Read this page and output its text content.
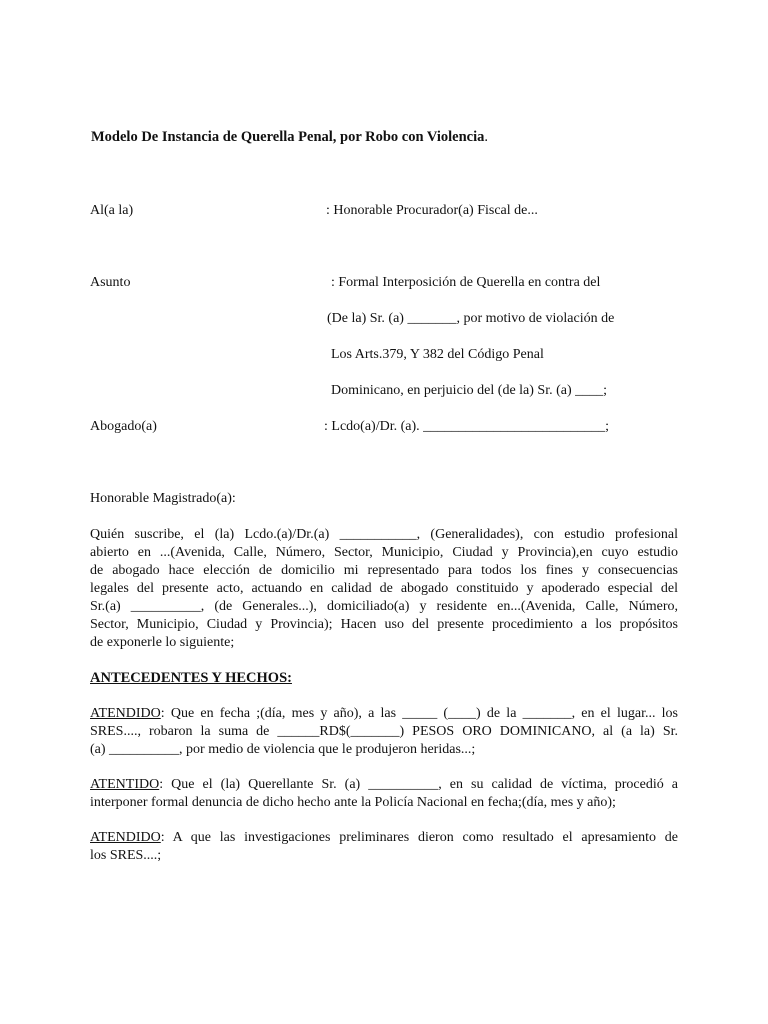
Modelo De Instancia de Querella Penal, por Robo con Violencia.
Al(a la)	: Honorable Procurador(a) Fiscal de...
Asunto	: Formal Interposición de Querella en contra del
(De la) Sr. (a) _______, por motivo de violación de
Los Arts.379, Y 382 del Código Penal
Dominicano, en perjuicio del (de la) Sr. (a) ____;
Abogado(a)	: Lcdo(a)/Dr. (a). __________________________;
Honorable Magistrado(a):
Quién suscribe, el (la) Lcdo.(a)/Dr.(a) ___________, (Generalidades), con estudio profesional
abierto en ...(Avenida, Calle, Número, Sector, Municipio, Ciudad y Provincia),en cuyo estudio
de abogado hace elección de domicilio mi representado para todos los fines y consecuencias
legales del presente acto, actuando en calidad de abogado constituido y apoderado especial del
Sr.(a) __________, (de Generales...), domiciliado(a) y residente en...(Avenida, Calle, Número,
Sector, Municipio, Ciudad y Provincia); Hacen uso del presente procedimiento a los propósitos
de exponerle lo siguiente;
ANTECEDENTES Y HECHOS:
ATENDIDO: Que en fecha ;(día, mes y año), a las _____ (____) de la _______, en el lugar... los
SRES...., robaron la suma de ______RD$(_______) PESOS ORO DOMINICANO, al (a la) Sr.
(a) __________, por medio de violencia que le produjeron heridas...;
ATENTIDO: Que el (la) Querellante Sr. (a) __________, en su calidad de víctima, procedió a
interponer formal denuncia de dicho hecho ante la Policía Nacional en fecha;(día, mes y año);
ATENDIDO: A que las investigaciones preliminares dieron como resultado el apresamiento de
los SRES....;
